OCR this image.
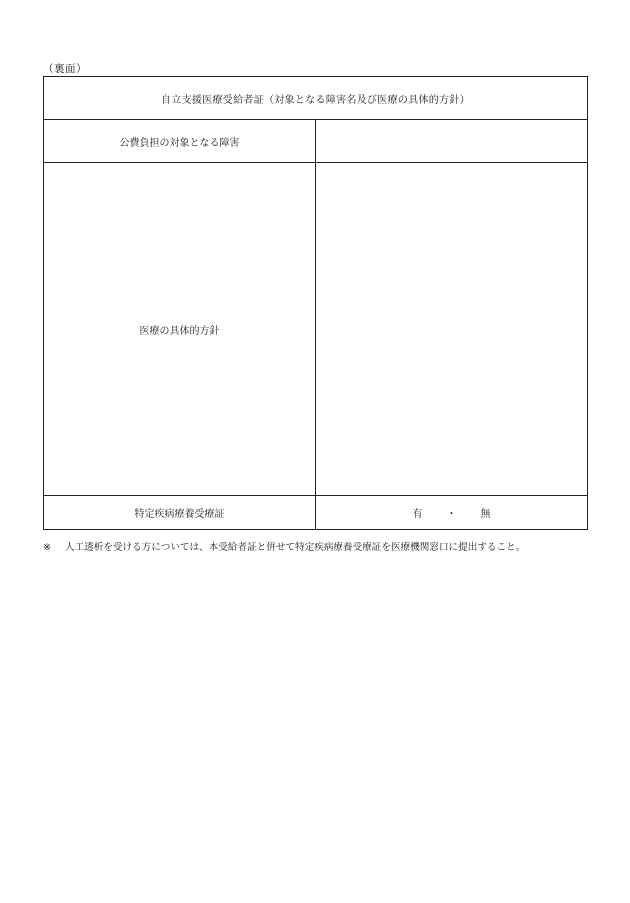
（裏面）
自立支援医療受給者証（対象となる障害名及び医療の具体的方針）	
公費負担の対象となる障害	
医療の具体的方針	
特定疾病療養受療証	有 ・ 無
※ 人工透析を受ける方については、本受給者証と併せて特定疾病療養受療証を医療機関窓口に提出すること。
